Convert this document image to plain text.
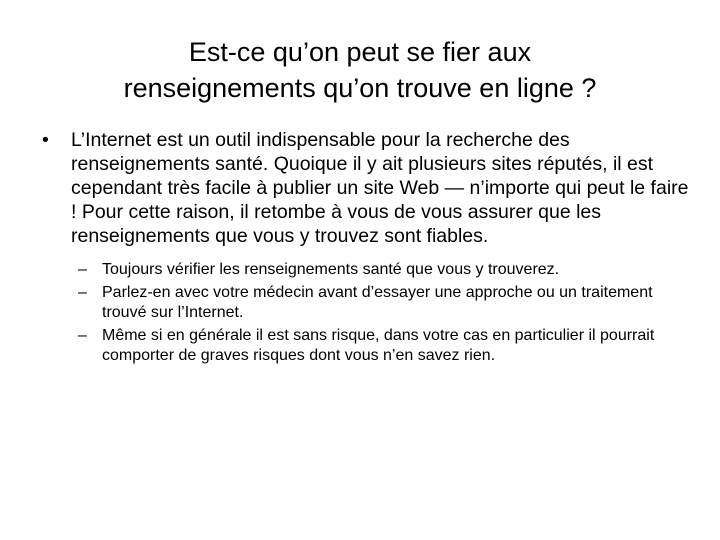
Est-ce qu’on peut se fier aux
renseignements qu’on trouve en ligne ?
• L’Internet est un outil indispensable pour la recherche des renseignements santé. Quoique il y ait plusieurs sites réputés, il est cependant très facile à publier un site Web — n’importe qui peut le faire ! Pour cette raison, il retombe à vous de vous assurer que les renseignements que vous y trouvez sont fiables.
– Toujours vérifier les renseignements santé que vous y trouverez.
– Parlez-en avec votre médecin avant d’essayer une approche ou un traitement trouvé sur l’Internet.
– Même si en générale il est sans risque, dans votre cas en particulier il pourrait comporter de graves risques dont vous n’en savez rien.
